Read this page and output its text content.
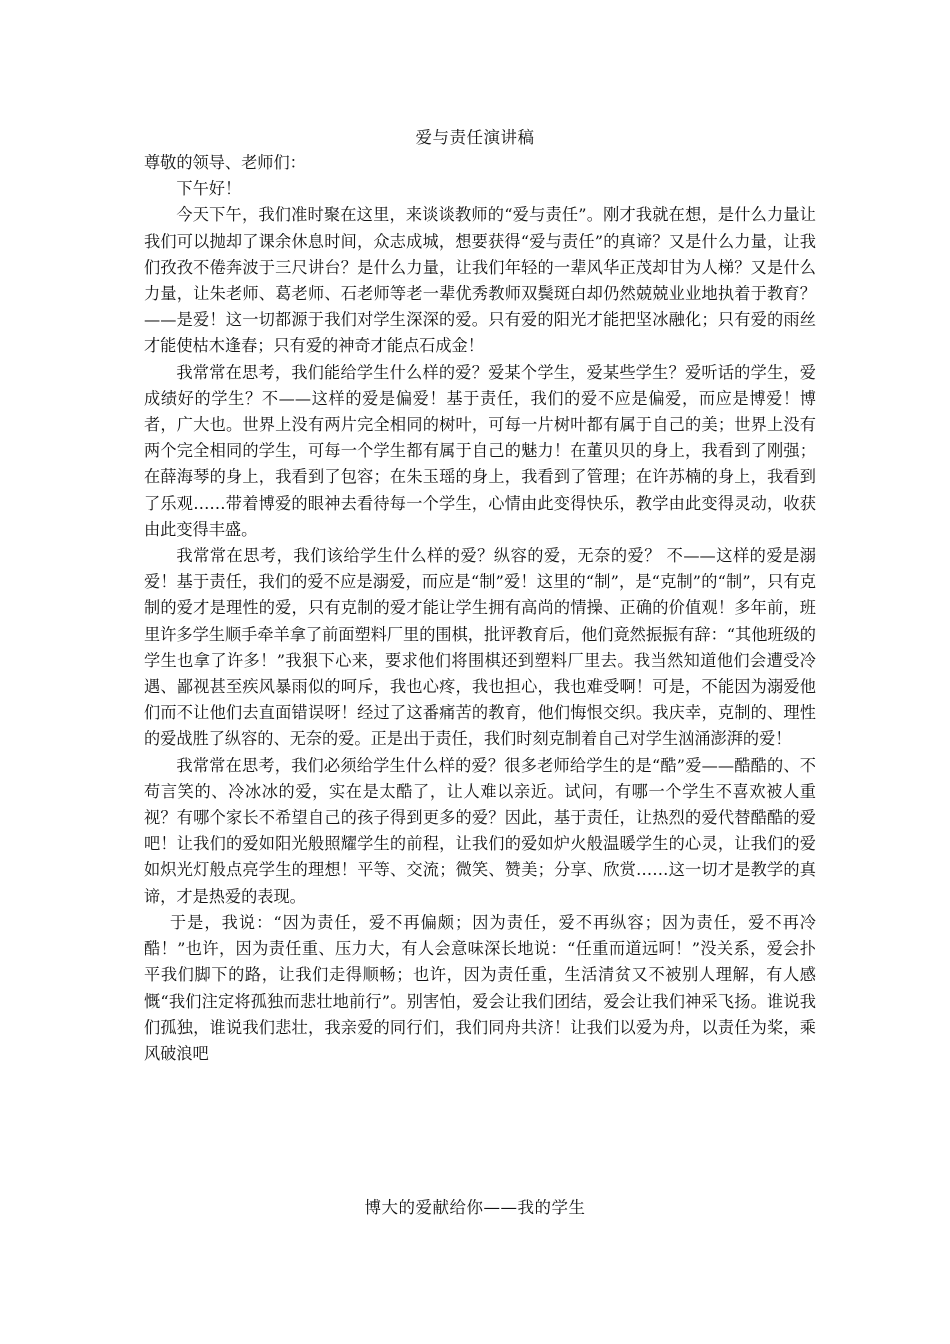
爱与责任演讲稿

尊敬的领导、老师们：

下午好！

今天下午，我们准时聚在这里，来谈谈教师的“爱与责任”。刚才我就在想，是什么力量让我们可以抛却了课余休息时间，众志成城，想要获得“爱与责任”的真谛？又是什么力量，让我们孜孜不倦奔波于三尺讲台？是什么力量，让我们年轻的一辈风华正茂却甘为人梯？又是什么力量，让朱老师、葛老师、石老师等老一辈优秀教师双鬓斑白却仍然兢兢业业地执着于教育？——是爱！这一切都源于我们对学生深深的爱。只有爱的阳光才能把坚冰融化；只有爱的雨丝才能使枯木逢春；只有爱的神奇才能点石成金！

我常常在思考，我们能给学生什么样的爱？爱某个学生，爱某些学生？爱听话的学生，爱成绩好的学生？不——这样的爱是偏爱！基于责任，我们的爱不应是偏爱，而应是博爱！博者，广大也。世界上没有两片完全相同的树叶，可每一片树叶都有属于自己的美；世界上没有两个完全相同的学生，可每一个学生都有属于自己的魅力！在董贝贝的身上，我看到了刚强；在薛海琴的身上，我看到了包容；在朱玉瑶的身上，我看到了管理；在许苏楠的身上，我看到了乐观……带着博爱的眼神去看待每一个学生，心情由此变得快乐，教学由此变得灵动，收获由此变得丰盛。

我常常在思考，我们该给学生什么样的爱？纵容的爱，无奈的爱？ 不——这样的爱是溺爱！基于责任，我们的爱不应是溺爱，而应是“制”爱！这里的“制”，是“克制”的“制”，只有克制的爱才是理性的爱，只有克制的爱才能让学生拥有高尚的情操、正确的价值观！多年前，班里许多学生顺手牵羊拿了前面塑料厂里的围棋，批评教育后，他们竟然振振有辞：“其他班级的学生也拿了许多！”我狠下心来，要求他们将围棋还到塑料厂里去。我当然知道他们会遭受冷遇、鄙视甚至疾风暴雨似的呵斥，我也心疼，我也担心，我也难受啊！可是，不能因为溺爱他们而不让他们去直面错误呀！经过了这番痛苦的教育，他们悔恨交织。我庆幸，克制的、理性的爱战胜了纵容的、无奈的爱。正是出于责任，我们时刻克制着自己对学生汹涌澎湃的爱！

我常常在思考，我们必须给学生什么样的爱？很多老师给学生的是“酷”爱——酷酷的、不苟言笑的、冷冰冰的爱，实在是太酷了，让人难以亲近。试问，有哪一个学生不喜欢被人重视？有哪个家长不希望自己的孩子得到更多的爱？因此，基于责任，让热烈的爱代替酷酷的爱吧！让我们的爱如阳光般照耀学生的前程，让我们的爱如炉火般温暖学生的心灵，让我们的爱如炽光灯般点亮学生的理想！平等、交流；微笑、赞美；分享、欣赏……这一切才是教学的真谛，才是热爱的表现。

于是，我说：“因为责任，爱不再偏颇；因为责任，爱不再纵容；因为责任，爱不再冷酷！”也许，因为责任重、压力大，有人会意味深长地说：“任重而道远呵！”没关系，爱会扑平我们脚下的路，让我们走得顺畅；也许，因为责任重，生活清贫又不被别人理解，有人感慨“我们注定将孤独而悲壮地前行”。别害怕，爱会让我们团结，爱会让我们神采飞扬。谁说我们孤独，谁说我们悲壮，我亲爱的同行们，我们同舟共济！让我们以爱为舟，以责任为桨，乘风破浪吧

博大的爱献给你——我的学生
